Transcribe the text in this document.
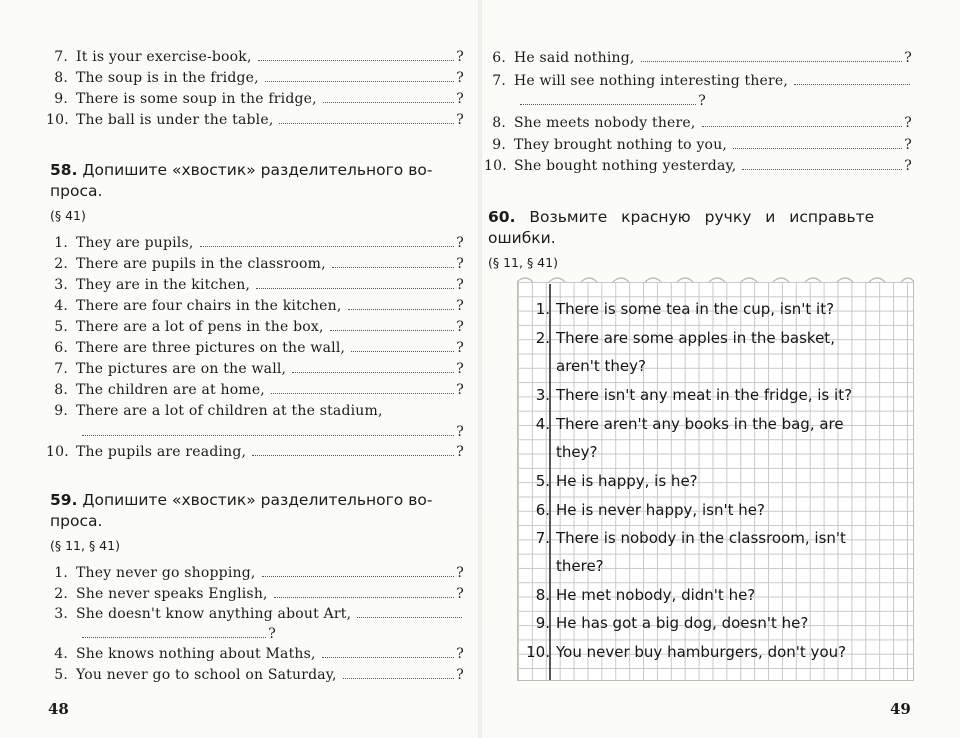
7. It is your exercise-book,	?
8. The soup is in the fridge,	?
9. There is some soup in the fridge,	?
10. The ball is under the table,	?
58. Допишите «хвостик» разделительного во-
проса.
(§ 41)
1. They are pupils,	?
2. There are pupils in the classroom,	?
3. They are in the kitchen,	?
4. There are four chairs in the kitchen,	?
5. There are a lot of pens in the box,	?
6. There are three pictures on the wall,	?
7. The pictures are on the wall,	?
8. The children are at home,	?
9. There are a lot of children at the stadium,
?
10. The pupils are reading,	?
59. Допишите «хвостик» разделительного во-
проса.
(§ 11, § 41)
1. They never go shopping,	?
2. She never speaks English,	?
3. She doesn't know anything about Art,
?
4. She knows nothing about Maths,	?
5. You never go to school on Saturday,	?
48
6. He said nothing,	?
7. He will see nothing interesting there,
?
8. She meets nobody there,	?
9. They brought nothing to you,	?
10. She bought nothing yesterday,	?
60. Возьмите красную ручку и исправьте
ошибки.
(§ 11, § 41)
1. There is some tea in the cup, isn't it?
2. There are some apples in the basket,
aren't they?
3. There isn't any meat in the fridge, is it?
4. There aren't any books in the bag, are
they?
5. He is happy, is he?
6. He is never happy, isn't he?
7. There is nobody in the classroom, isn't
there?
8. He met nobody, didn't he?
9. He has got a big dog, doesn't he?
10. You never buy hamburgers, don't you?
49
